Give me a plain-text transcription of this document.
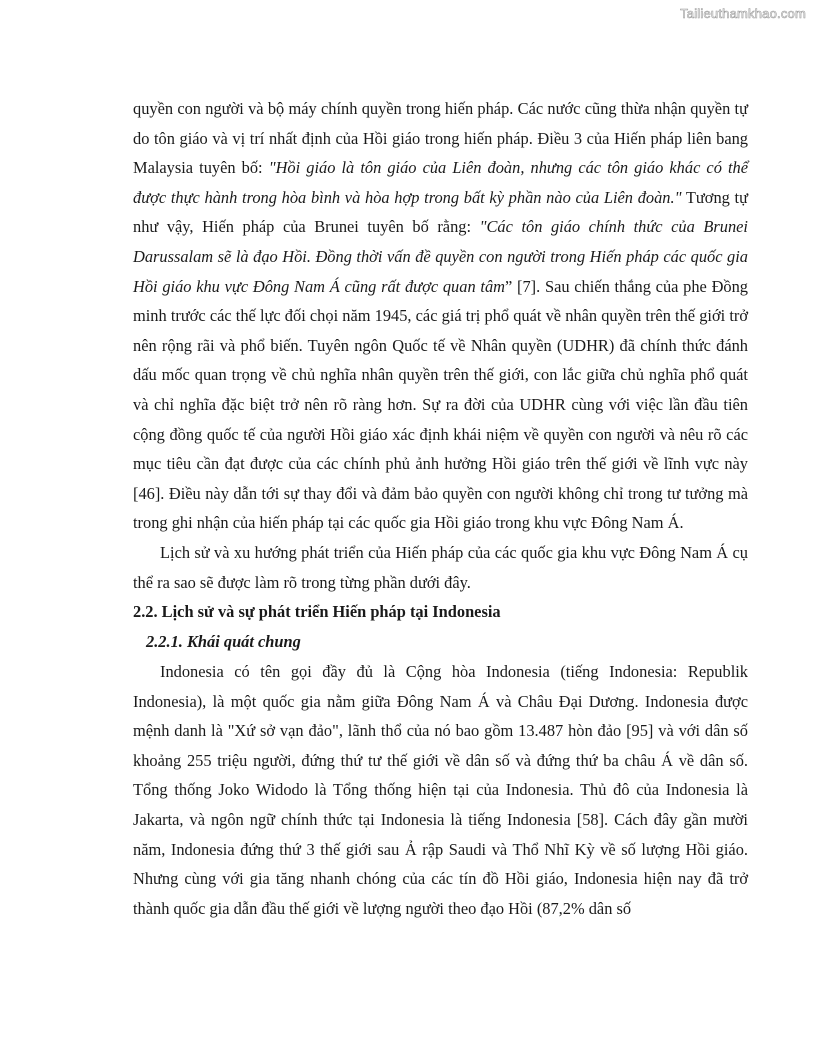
Tailieuthamkhao.com

quyền con người và bộ máy chính quyền trong hiến pháp. Các nước cũng thừa nhận quyền tự do tôn giáo và vị trí nhất định của Hồi giáo trong hiến pháp. Điều 3 của Hiến pháp liên bang Malaysia tuyên bố: "Hồi giáo là tôn giáo của Liên đoàn, nhưng các tôn giáo khác có thể được thực hành trong hòa bình và hòa hợp trong bất kỳ phần nào của Liên đoàn." Tương tự như vậy, Hiến pháp của Brunei tuyên bố rằng: "Các tôn giáo chính thức của Brunei Darussalam sẽ là đạo Hồi. Đồng thời vấn đề quyền con người trong Hiến pháp các quốc gia Hồi giáo khu vực Đông Nam Á cũng rất được quan tâm” [7]. Sau chiến thắng của phe Đồng minh trước các thế lực đối chọi năm 1945, các giá trị phổ quát về nhân quyền trên thế giới trở nên rộng rãi và phổ biến. Tuyên ngôn Quốc tế về Nhân quyền (UDHR) đã chính thức đánh dấu mốc quan trọng về chủ nghĩa nhân quyền trên thế giới, con lắc giữa chủ nghĩa phổ quát và chỉ nghĩa đặc biệt trở nên rõ ràng hơn. Sự ra đời của UDHR cùng với việc lần đầu tiên cộng đồng quốc tế của người Hồi giáo xác định khái niệm về quyền con người và nêu rõ các mục tiêu cần đạt được của các chính phủ ảnh hưởng Hồi giáo trên thế giới về lĩnh vực này [46]. Điều này dẫn tới sự thay đổi và đảm bảo quyền con người không chỉ trong tư tưởng mà trong ghi nhận của hiến pháp tại các quốc gia Hồi giáo trong khu vực Đông Nam Á.

Lịch sử và xu hướng phát triển của Hiến pháp của các quốc gia khu vực Đông Nam Á cụ thể ra sao sẽ được làm rõ trong từng phần dưới đây.

2.2. Lịch sử và sự phát triển Hiến pháp tại Indonesia
2.2.1. Khái quát chung

Indonesia có tên gọi đầy đủ là Cộng hòa Indonesia (tiếng Indonesia: Republik Indonesia), là một quốc gia nằm giữa Đông Nam Á và Châu Đại Dương. Indonesia được mệnh danh là "Xứ sở vạn đảo", lãnh thổ của nó bao gồm 13.487 hòn đảo [95] và với dân số khoảng 255 triệu người, đứng thứ tư thế giới về dân số và đứng thứ ba châu Á về dân số. Tổng thống Joko Widodo là Tổng thống hiện tại của Indonesia. Thủ đô của Indonesia là Jakarta, và ngôn ngữ chính thức tại Indonesia là tiếng Indonesia [58]. Cách đây gần mười năm, Indonesia đứng thứ 3 thế giới sau Ả rập Saudi và Thổ Nhĩ Kỳ về số lượng Hồi giáo. Nhưng cùng với gia tăng nhanh chóng của các tín đồ Hồi giáo, Indonesia hiện nay đã trở thành quốc gia dẫn đầu thế giới về lượng người theo đạo Hồi (87,2% dân số
